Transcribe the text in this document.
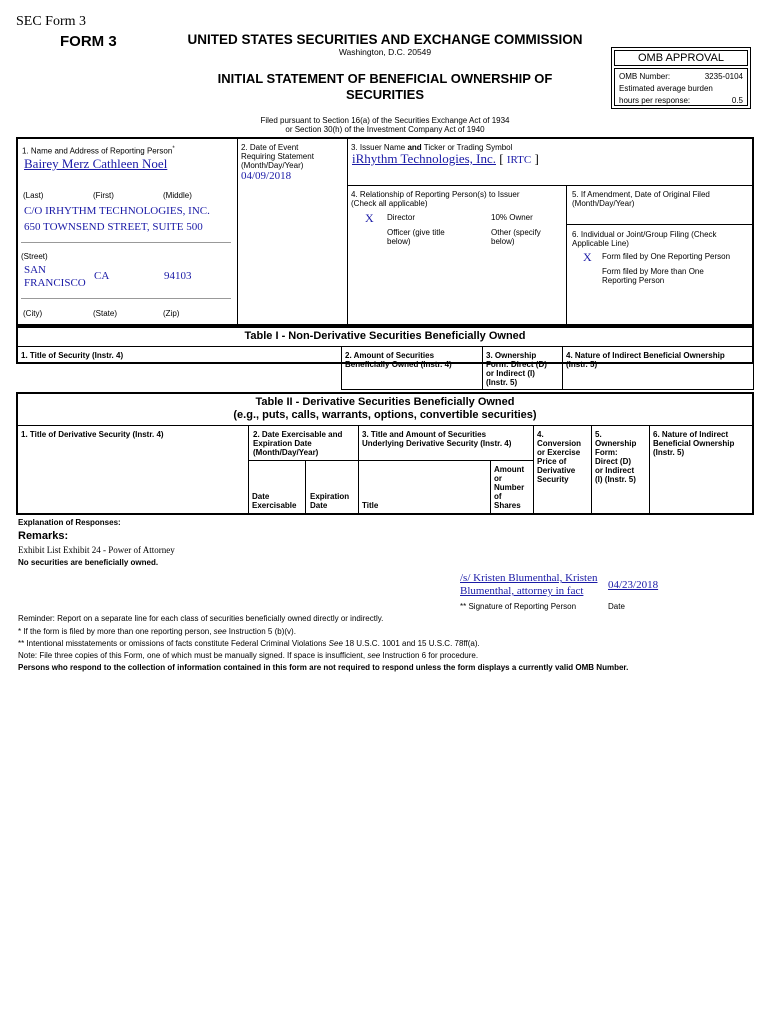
SEC Form 3
FORM 3	UNITED STATES SECURITIES AND EXCHANGE COMMISSION
Washington, D.C. 20549
INITIAL STATEMENT OF BENEFICIAL OWNERSHIP OF SECURITIES
OMB APPROVAL
OMB Number:	3235-0104
Estimated average burden
hours per response:	0.5
Filed pursuant to Section 16(a) of the Securities Exchange Act of 1934
or Section 30(h) of the Investment Company Act of 1940
1. Name and Address of Reporting Person*
Bairey Merz Cathleen Noel
(Last)	(First)	(Middle)
C/O IRHYTHM TECHNOLOGIES, INC.
650 TOWNSEND STREET, SUITE 500
(Street)
SAN
FRANCISCO
CA	94103
(City)	(State)	(Zip)
2. Date of Event
Requiring Statement
(Month/Day/Year)
04/09/2018
3. Issuer Name and Ticker or Trading Symbol
iRhythm Technologies, Inc. [ IRTC ]
4. Relationship of Reporting Person(s) to Issuer
(Check all applicable)
X Director	10% Owner
Officer (give title
below)
Other (specify
below)
5. If Amendment, Date of Original Filed
(Month/Day/Year)
6. Individual or Joint/Group Filing (Check
Applicable Line)
X Form filed by One Reporting Person
Form filed by More than One
Reporting Person
Table I - Non-Derivative Securities Beneficially Owned
1. Title of Security (Instr. 4)	2. Amount of Securities
Beneficially Owned (Instr. 4)
3. Ownership
Form: Direct (D)
or Indirect (I)
(Instr. 5)
4. Nature of Indirect Beneficial Ownership
(Instr. 5)
Table II - Derivative Securities Beneficially Owned
(e.g., puts, calls, warrants, options, convertible securities)
1. Title of Derivative Security (Instr. 4)	2. Date Exercisable and
Expiration Date
(Month/Day/Year)
3. Title and Amount of Securities
Underlying Derivative Security (Instr. 4)
4.
Conversion
or Exercise
Price of
Derivative
Security
5.
Ownership
Form:
Direct (D)
or Indirect
(I) (Instr. 5)
6. Nature of Indirect
Beneficial Ownership
(Instr. 5)
Date
Exercisable
Expiration
Date	Title
Amount
or
Number
of
Shares
Explanation of Responses:
Remarks:
Exhibit List Exhibit 24 - Power of Attorney
No securities are beneficially owned.
/s/ Kristen Blumenthal, Kristen
Blumenthal, attorney in fact	04/23/2018
** Signature of Reporting Person	Date
Reminder: Report on a separate line for each class of securities beneficially owned directly or indirectly.
* If the form is filed by more than one reporting person, see Instruction 5 (b)(v).
** Intentional misstatements or omissions of facts constitute Federal Criminal Violations See 18 U.S.C. 1001 and 15 U.S.C. 78ff(a).
Note: File three copies of this Form, one of which must be manually signed. If space is insufficient, see Instruction 6 for procedure.
Persons who respond to the collection of information contained in this form are not required to respond unless the form displays a currently valid OMB Number.
